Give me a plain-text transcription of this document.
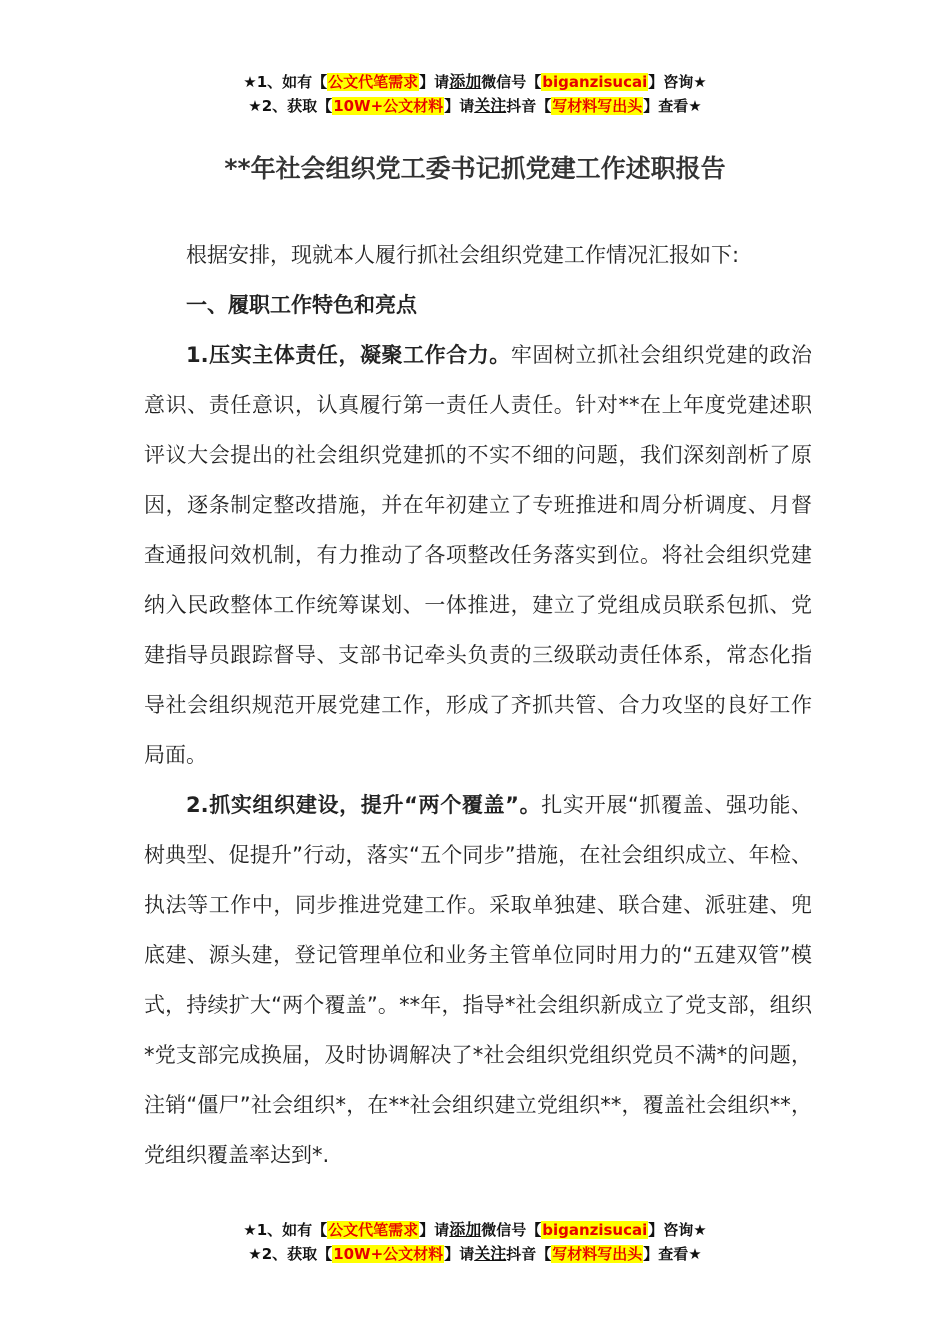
★1、如有【公文代笔需求】请添加微信号【biganzisucai】咨询★
★2、获取【10W+公文材料】请关注抖音【写材料写出头】查看★
**年社会组织党工委书记抓党建工作述职报告

根据安排，现就本人履行抓社会组织党建工作情况汇报如下:

一、履职工作特色和亮点

1.压实主体责任，凝聚工作合力。牢固树立抓社会组织党建的政治意识、责任意识，认真履行第一责任人责任。针对**在上年度党建述职评议大会提出的社会组织党建抓的不实不细的问题，我们深刻剖析了原因，逐条制定整改措施，并在年初建立了专班推进和周分析调度、月督查通报问效机制，有力推动了各项整改任务落实到位。将社会组织党建纳入民政整体工作统筹谋划、一体推进，建立了党组成员联系包抓、党建指导员跟踪督导、支部书记牵头负责的三级联动责任体系，常态化指导社会组织规范开展党建工作，形成了齐抓共管、合力攻坚的良好工作局面。

2.抓实组织建设，提升“两个覆盖”。扎实开展“抓覆盖、强功能、树典型、促提升”行动，落实“五个同步”措施，在社会组织成立、年检、执法等工作中，同步推进党建工作。采取单独建、联合建、派驻建、兜底建、源头建，登记管理单位和业务主管单位同时用力的“五建双管”模式，持续扩大“两个覆盖”。**年，指导*社会组织新成立了党支部，组织*党支部完成换届，及时协调解决了*社会组织党组织党员不满*的问题，注销“僵尸”社会组织*，在**社会组织建立党组织**，覆盖社会组织**，党组织覆盖率达到*.

★1、如有【公文代笔需求】请添加微信号【biganzisucai】咨询★
★2、获取【10W+公文材料】请关注抖音【写材料写出头】查看★
